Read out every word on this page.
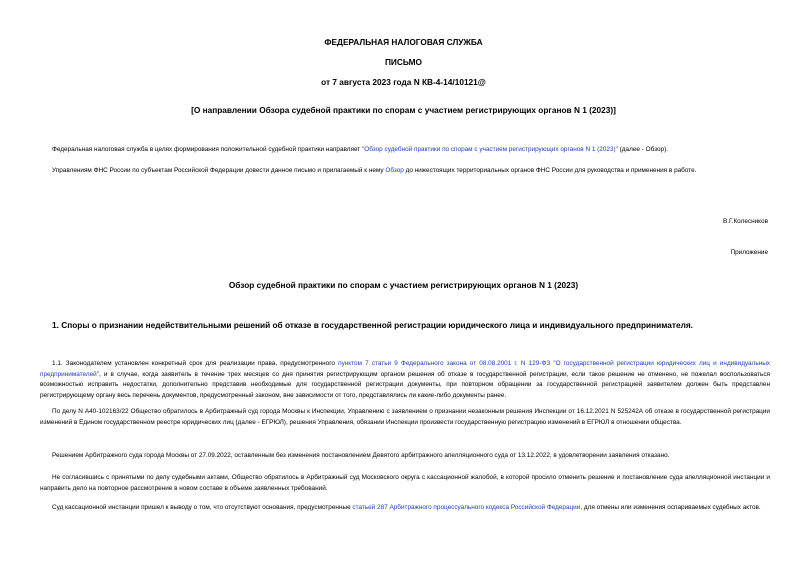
ФЕДЕРАЛЬНАЯ НАЛОГОВАЯ СЛУЖБА
ПИСЬМО
от 7 августа 2023 года N КВ-4-14/10121@
[О направлении Обзора судебной практики по спорам с участием регистрирующих органов N 1 (2023)]
Федеральная налоговая служба в целях формирования положительной судебной практики направляет "Обзор судебной практики по спорам с участием регистрирующих органов N 1 (2023)" (далее - Обзор).
Управлениям ФНС России по субъектам Российской Федерации довести данное письмо и прилагаемый к нему Обзор до нижестоящих территориальных органов ФНС России для руководства и применения в работе.
В.Г.Колесников
Приложение
Обзор судебной практики по спорам с участием регистрирующих органов N 1 (2023)
1. Споры о признании недействительными решений об отказе в государственной регистрации юридического лица и индивидуального предпринимателя.
1.1. Законодателем установлен конкретный срок для реализации права, предусмотренного пунктом 7 статьи 9 Федерального закона от 08.08.2001 г. N 129-ФЗ "О государственной регистрации юридических лиц и индивидуальных предпринимателей", и в случае, когда заявитель в течение трех месяцев со дня принятия регистрирующим органом решения об отказе в государственной регистрации, если такое решение не отменено, не пожелал воспользоваться возможностью исправить недостатки, дополнительно представив необходимые для государственной регистрации документы, при повторном обращении за государственной регистрацией заявителем должен быть представлен регистрирующему органу весь перечень документов, предусмотренный законом, вне зависимости от того, представлялись ли какие-либо документы ранее.
По делу N А40-102163/22 Общество обратилось в Арбитражный суд города Москвы к Инспекции, Управлению с заявлением о признании незаконным решения Инспекции от 16.12.2021 N 525242А об отказе в государственной регистрации изменений в Едином государственном реестре юридических лиц (далее - ЕГРЮЛ), решения Управления, обязании Инспекции произвести государственную регистрацию изменений в ЕГРЮЛ в отношении общества.
Решением Арбитражного суда города Москвы от 27.09.2022, оставленным без изменения постановлением Девятого арбитражного апелляционного суда от 13.12.2022, в удовлетворении заявления отказано.
Не согласившись с принятыми по делу судебными актами, Общество обратилось в Арбитражный суд Московского округа с кассационной жалобой, в которой просило отменить решение и постановление суда апелляционной инстанции и направить дело на повторное рассмотрение в новом составе в объеме заявленных требований.
Суд кассационной инстанции пришел к выводу о том, что отсутствуют основания, предусмотренные статьей 287 Арбитражного процессуального кодекса Российской Федерации, для отмены или изменения оспариваемых судебных актов.
